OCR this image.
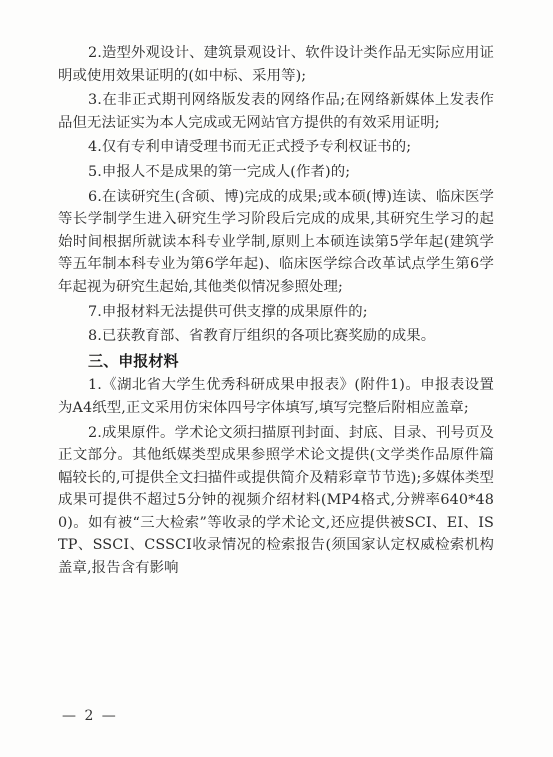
2.造型外观设计、建筑景观设计、软件设计类作品无实际应用证明或使用效果证明的(如中标、采用等);

3.在非正式期刊网络版发表的网络作品;在网络新媒体上发表作品但无法证实为本人完成或无网站官方提供的有效采用证明;

4.仅有专利申请受理书而无正式授予专利权证书的;

5.申报人不是成果的第一完成人(作者)的;

6.在读研究生(含硕、博)完成的成果;或本硕(博)连读、临床医学等长学制学生进入研究生学习阶段后完成的成果,其研究生学习的起始时间根据所就读本科专业学制,原则上本硕连读第5学年起(建筑学等五年制本科专业为第6学年起)、临床医学综合改革试点学生第6学年起视为研究生起始,其他类似情况参照处理;

7.申报材料无法提供可供支撑的成果原件的;

8.已获教育部、省教育厅组织的各项比赛奖励的成果。

三、申报材料

1.《湖北省大学生优秀科研成果申报表》(附件1)。申报表设置为A4纸型,正文采用仿宋体四号字体填写,填写完整后附相应盖章;

2.成果原件。学术论文须扫描原刊封面、封底、目录、刊号页及正文部分。其他纸媒类型成果参照学术论文提供(文学类作品原件篇幅较长的,可提供全文扫描件或提供简介及精彩章节节选);多媒体类型成果可提供不超过5分钟的视频介绍材料(MP4格式,分辨率640*480)。如有被“三大检索”等收录的学术论文,还应提供被SCI、EI、ISTP、SSCI、CSSCI收录情况的检索报告(须国家认定权威检索机构盖章,报告含有影响

— 2 —
